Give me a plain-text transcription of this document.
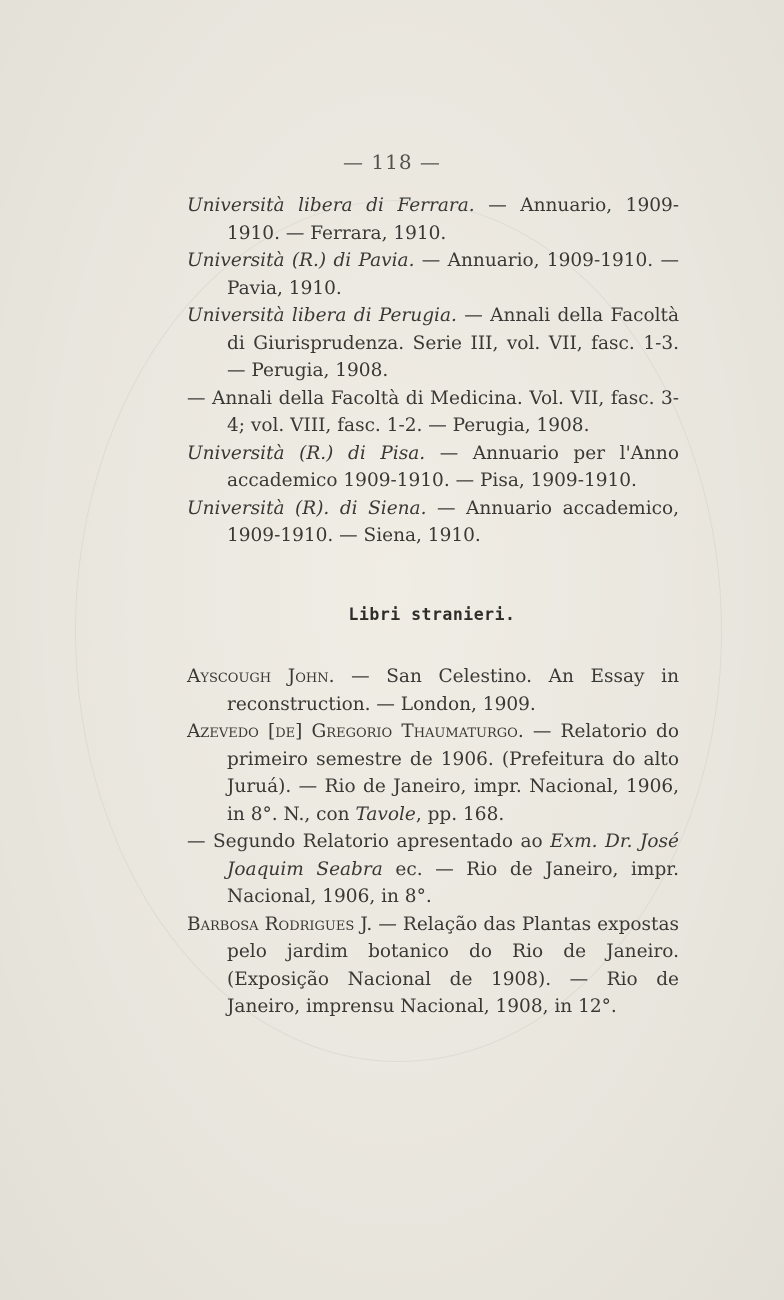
— 118 —
Università libera di Ferrara. — Annuario, 1909-1910. — Ferrara, 1910.
Università (R.) di Pavia. — Annuario, 1909-1910. — Pavia, 1910.
Università libera di Perugia. — Annali della Facoltà di Giurisprudenza. Serie III, vol. VII, fasc. 1-3. — Perugia, 1908.
— Annali della Facoltà di Medicina. Vol. VII, fasc. 3-4; vol. VIII, fasc. 1-2. — Perugia, 1908.
Università (R.) di Pisa. — Annuario per l'Anno accademico 1909-1910. — Pisa, 1909-1910.
Università (R). di Siena. — Annuario accademico, 1909-1910. — Siena, 1910.
Libri stranieri.
Ayscough John. — San Celestino. An Essay in reconstruction. — London, 1909.
Azevedo [de] Gregorio Thaumaturgo. — Relatorio do primeiro semestre de 1906. (Prefeitura do alto Juruá). — Rio de Janeiro, impr. Nacional, 1906, in 8°. N., con Tavole, pp. 168.
— Segundo Relatorio apresentado ao Exm. Dr. José Joaquim Seabra ec. — Rio de Janeiro, impr. Nacional, 1906, in 8°.
Barbosa Rodrigues J. — Relação das Plantas expostas pelo jardim botanico do Rio de Janeiro. (Exposição Nacional de 1908). — Rio de Janeiro, imprensu Nacional, 1908, in 12°.
